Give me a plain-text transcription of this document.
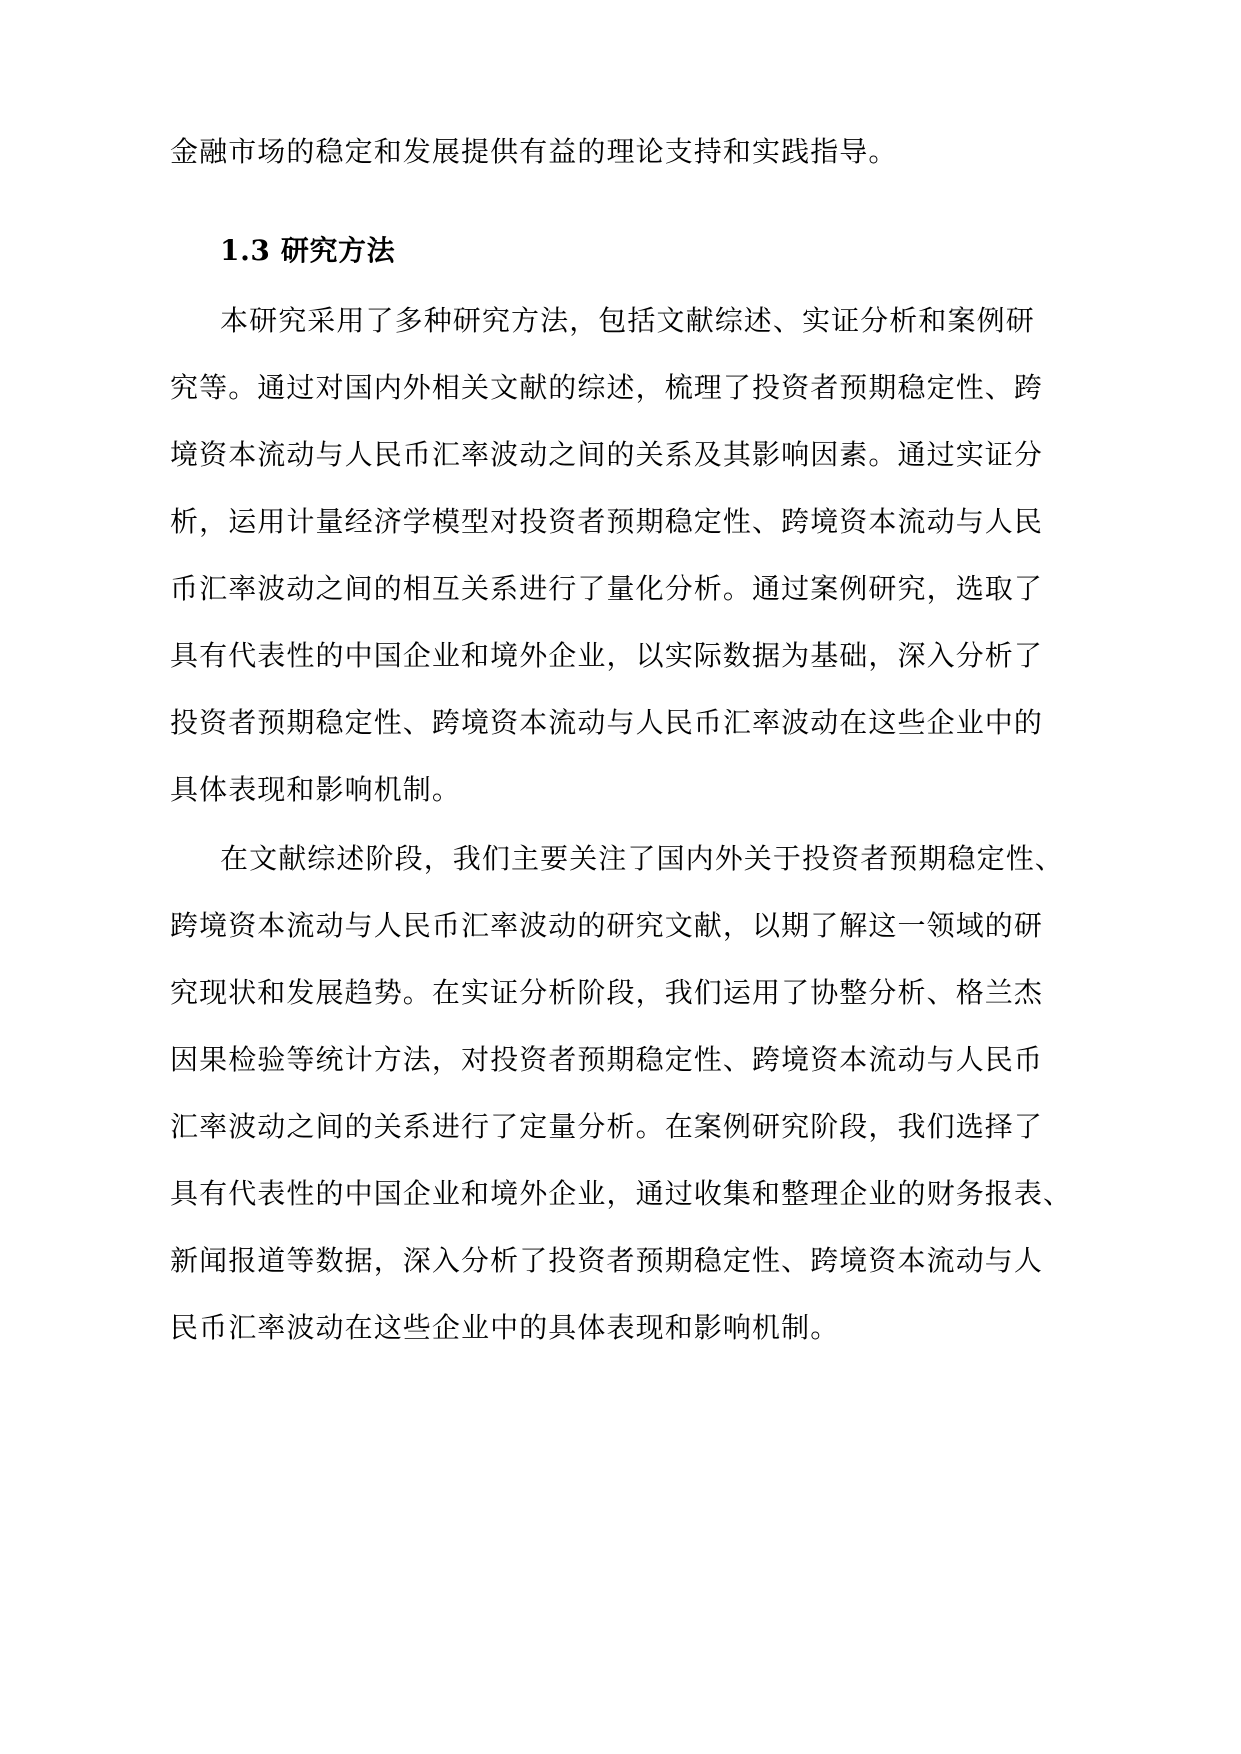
金融市场的稳定和发展提供有益的理论支持和实践指导。
1.3 研究方法
本研究采用了多种研究方法，包括文献综述、实证分析和案例研
究等。通过对国内外相关文献的综述，梳理了投资者预期稳定性、跨
境资本流动与人民币汇率波动之间的关系及其影响因素。通过实证分
析，运用计量经济学模型对投资者预期稳定性、跨境资本流动与人民
币汇率波动之间的相互关系进行了量化分析。通过案例研究，选取了
具有代表性的中国企业和境外企业，以实际数据为基础，深入分析了
投资者预期稳定性、跨境资本流动与人民币汇率波动在这些企业中的
具体表现和影响机制。
在文献综述阶段，我们主要关注了国内外关于投资者预期稳定性、
跨境资本流动与人民币汇率波动的研究文献，以期了解这一领域的研
究现状和发展趋势。在实证分析阶段，我们运用了协整分析、格兰杰
因果检验等统计方法，对投资者预期稳定性、跨境资本流动与人民币
汇率波动之间的关系进行了定量分析。在案例研究阶段，我们选择了
具有代表性的中国企业和境外企业，通过收集和整理企业的财务报表、
新闻报道等数据，深入分析了投资者预期稳定性、跨境资本流动与人
民币汇率波动在这些企业中的具体表现和影响机制。
